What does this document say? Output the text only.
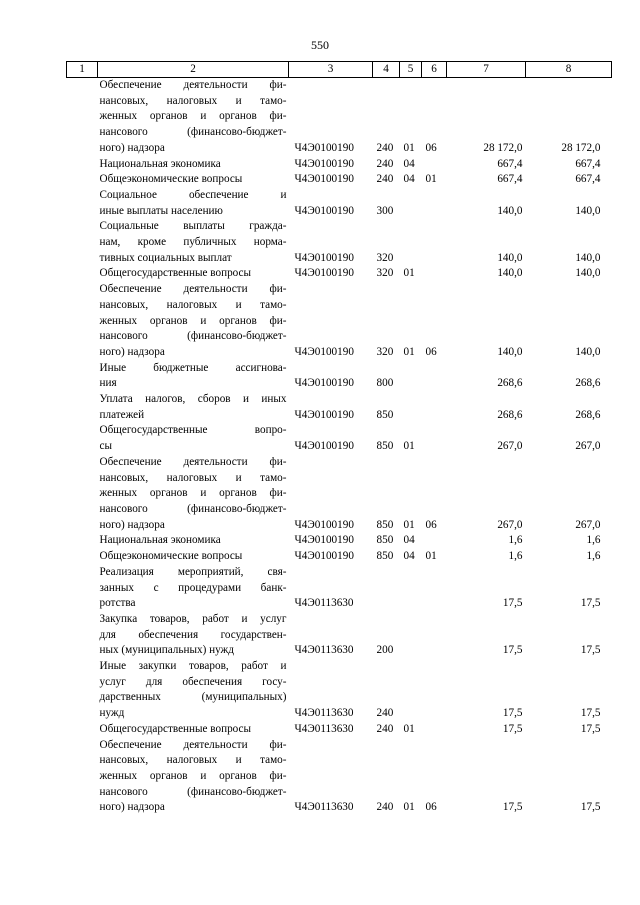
550
1	2	3	4	5	6	7	8

	Обеспечение деятельности фи-
нансовых, налоговых и тамо-
женных органов и органов фи-
нансового (финансово-бюджет-
ного) надзора	Ч4Э0100190	240	01	06	28 172,0	28 172,0

	Национальная экономика	Ч4Э0100190	240	04		667,4	667,4

	Общеэкономические вопросы	Ч4Э0100190	240	04	01	667,4	667,4

	Социальное обеспечение и
иные выплаты населению	Ч4Э0100190	300			140,0	140,0

	Социальные выплаты гражда-
нам, кроме публичных норма-
тивных социальных выплат	Ч4Э0100190	320			140,0	140,0

	Общегосударственные вопросы	Ч4Э0100190	320	01		140,0	140,0

	Обеспечение деятельности фи-
нансовых, налоговых и тамо-
женных органов и органов фи-
нансового (финансово-бюджет-
ного) надзора	Ч4Э0100190	320	01	06	140,0	140,0

	Иные бюджетные ассигнова-
ния	Ч4Э0100190	800			268,6	268,6

	Уплата налогов, сборов и иных
платежей	Ч4Э0100190	850			268,6	268,6

	Общегосударственные вопро-
сы	Ч4Э0100190	850	01		267,0	267,0

	Обеспечение деятельности фи-
нансовых, налоговых и тамо-
женных органов и органов фи-
нансового (финансово-бюджет-
ного) надзора	Ч4Э0100190	850	01	06	267,0	267,0

	Национальная экономика	Ч4Э0100190	850	04		1,6	1,6

	Общеэкономические вопросы	Ч4Э0100190	850	04	01	1,6	1,6

	Реализация мероприятий, свя-
занных с процедурами банк-
ротства	Ч4Э0113630				17,5	17,5

	Закупка товаров, работ и услуг
для обеспечения государствен-
ных (муниципальных) нужд	Ч4Э0113630	200			17,5	17,5

	Иные закупки товаров, работ и
услуг для обеспечения госу-
дарственных (муниципальных)
нужд	Ч4Э0113630	240			17,5	17,5

	Общегосударственные вопросы	Ч4Э0113630	240	01		17,5	17,5

	Обеспечение деятельности фи-
нансовых, налоговых и тамо-
женных органов и органов фи-
нансового (финансово-бюджет-
ного) надзора	Ч4Э0113630	240	01	06	17,5	17,5
